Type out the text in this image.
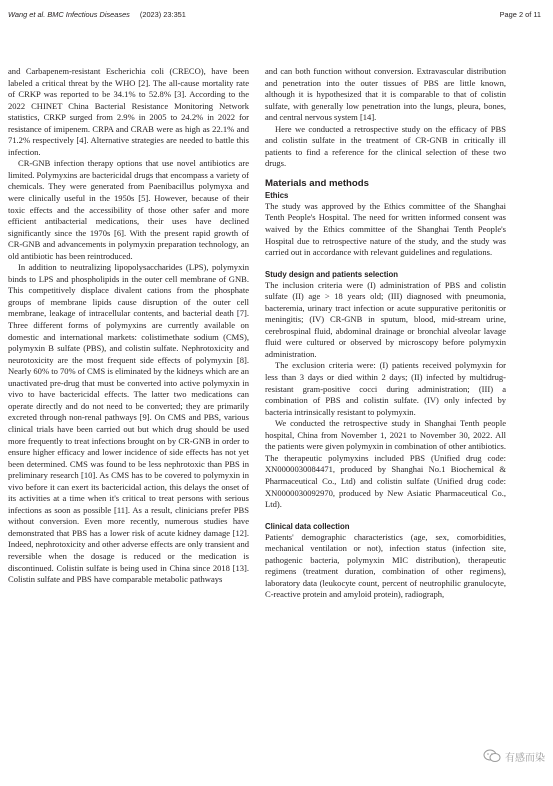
Wang et al. BMC Infectious Diseases (2023) 23:351	Page 2 of 11

and Carbapenem-resistant Escherichia coli (CRECO), have been labeled a critical threat by the WHO [2]. The all-cause mortality rate of CRKP was reported to be 34.1% to 52.8% [3]. According to the 2022 CHINET China Bacterial Resistance Monitoring Network statistics, CRKP surged from 2.9% in 2005 to 24.2% in 2022 for resistance of imipenem. CRPA and CRAB were as high as 22.1% and 71.2% respectively [4]. Alternative strategies are needed to battle this infection.

CR-GNB infection therapy options that use novel antibiotics are limited. Polymyxins are bactericidal drugs that encompass a variety of chemicals. They were generated from Paenibacillus polymyxa and were clinically useful in the 1950s [5]. However, because of their toxic effects and the accessibility of those other safer and more efficient antibacterial medications, their uses have declined significantly since the 1970s [6]. With the present rapid growth of CR-GNB and advancements in polymyxin preparation technology, an old antibiotic has been reintroduced.

In addition to neutralizing lipopolysaccharides (LPS), polymyxin binds to LPS and phospholipids in the outer cell membrane of GNB. This competitively displace divalent cations from the phosphate groups of membrane lipids cause disruption of the outer cell membrane, leakage of intracellular contents, and bacterial death [7]. Three different forms of polymyxins are currently available on domestic and international markets: colistimethate sodium (CMS), polymyxin B sulfate (PBS), and colistin sulfate. Nephrotoxicity and neurotoxicity are the most frequent side effects of polymyxin [8]. Nearly 60% to 70% of CMS is eliminated by the kidneys which are an unactivated pre-drug that must be converted into active polymyxin in vivo to have bactericidal effects. The latter two medications can operate directly and do not need to be converted; they are primarily excreted through non-renal pathways [9]. On CMS and PBS, various clinical trials have been carried out but which drug should be used more frequently to treat infections brought on by CR-GNB in order to ensure higher efficacy and lower incidence of side effects has not yet been determined. CMS was found to be less nephrotoxic than PBS in preliminary research [10]. As CMS has to be covered to polymyxin in vivo before it can exert its bactericidal action, this delays the onset of its activities at a time when it's critical to treat persons with serious infections as soon as possible [11]. As a result, clinicians prefer PBS without conversion. Even more recently, numerous studies have demonstrated that PBS has a lower risk of acute kidney damage [12]. Indeed, nephrotoxicity and other adverse effects are only transient and reversible when the dosage is reduced or the medication is discontinued. Colistin sulfate is being used in China since 2018 [13]. Colistin sulfate and PBS have comparable metabolic pathways

and can both function without conversion. Extravascular distribution and penetration into the outer tissues of PBS are little known, although it is hypothesized that it is comparable to that of colistin sulfate, with generally low penetration into the lungs, pleura, bones, and central nervous system [14].

Here we conducted a retrospective study on the efficacy of PBS and colistin sulfate in the treatment of CR-GNB in critically ill patients to find a reference for the clinical selection of these two drugs.

Materials and methods
Ethics

The study was approved by the Ethics committee of the Shanghai Tenth People's Hospital. The need for written informed consent was waived by the Ethics committee of the Shanghai Tenth People's Hospital due to retrospective nature of the study, and the study was carried out in accordance with relevant guidelines and regulations.

Study design and patients selection

The inclusion criteria were (I) administration of PBS and colistin sulfate (II) age > 18 years old; (III) diagnosed with pneumonia, bacteremia, urinary tract infection or acute suppurative peritonitis or meningitis; (IV) CR-GNB in sputum, blood, mid-stream urine, cerebrospinal fluid, abdominal drainage or bronchial alveolar lavage fluid were cultured or observed by microscopy before polymyxin administration.

The exclusion criteria were: (I) patients received polymyxin for less than 3 days or died within 2 days; (II) infected by multidrug-resistant gram-positive cocci during administration; (III) a combination of PBS and colistin sulfate. (IV) only infected by bacteria intrinsically resistant to polymyxin.

We conducted the retrospective study in Shanghai Tenth people hospital, China from November 1, 2021 to November 30, 2022. All the patients were given polymyxin in combination of other antibiotics. The therapeutic polymyxins included PBS (Unified drug code: XN0000030084471, produced by Shanghai No.1 Biochemical & Pharmaceutical Co., Ltd) and colistin sulfate (Unified drug code: XN0000030092970, produced by New Asiatic Pharmaceutical Co., Ltd).

Clinical data collection

Patients' demographic characteristics (age, sex, comorbidities, mechanical ventilation or not), infection status (infection site, pathogenic bacteria, polymyxin MIC distribution), therapeutic regimens (treatment duration, combination of other regimens), laboratory data (leukocyte count, percent of neutrophilic granulocyte, C-reactive protein and amyloid protein), radiograph,

有感而染
